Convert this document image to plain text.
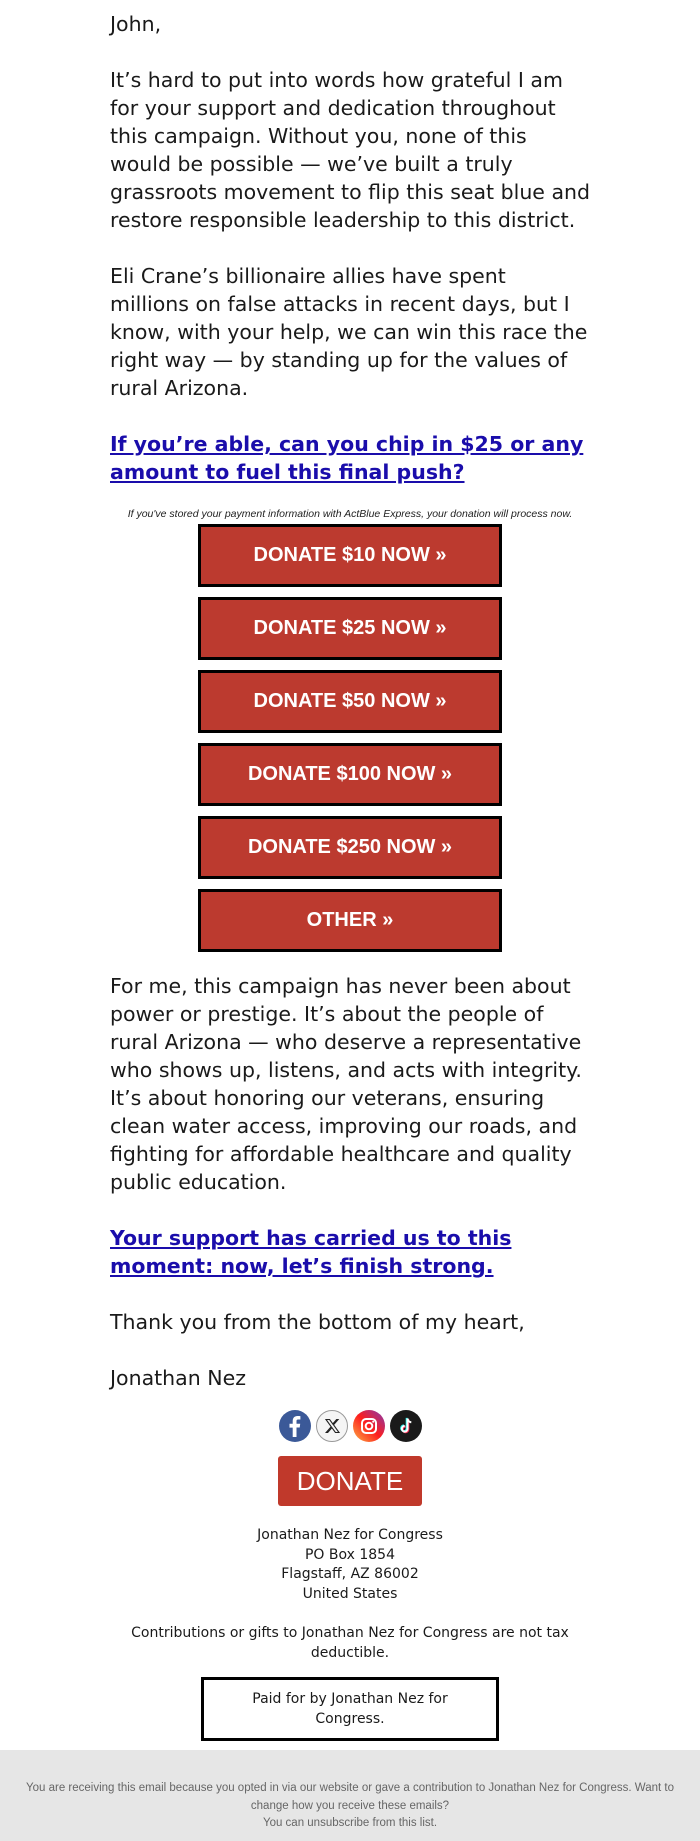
John,

It’s hard to put into words how grateful I am for your support and dedication throughout this campaign. Without you, none of this would be possible — we’ve built a truly grassroots movement to flip this seat blue and restore responsible leadership to this district.

Eli Crane’s billionaire allies have spent millions on false attacks in recent days, but I know, with your help, we can win this race the right way — by standing up for the values of rural Arizona.

If you’re able, can you chip in $25 or any amount to fuel this final push?
If you've stored your payment information with ActBlue Express, your donation will process now.
DONATE $10 NOW »
DONATE $25 NOW »
DONATE $50 NOW »
DONATE $100 NOW »
DONATE $250 NOW »
OTHER »

For me, this campaign has never been about power or prestige. It’s about the people of rural Arizona — who deserve a representative who shows up, listens, and acts with integrity. It’s about honoring our veterans, ensuring clean water access, improving our roads, and fighting for affordable healthcare and quality public education.

Your support has carried us to this moment: now, let’s finish strong.

Thank you from the bottom of my heart,

Jonathan Nez

DONATE
Jonathan Nez for Congress
PO Box 1854
Flagstaff, AZ 86002
United States
Contributions or gifts to Jonathan Nez for Congress are not tax deductible.
Paid for by Jonathan Nez for Congress.
You are receiving this email because you opted in via our website or gave a contribution to Jonathan Nez for Congress. Want to change how you receive these emails?
You can unsubscribe from this list.
